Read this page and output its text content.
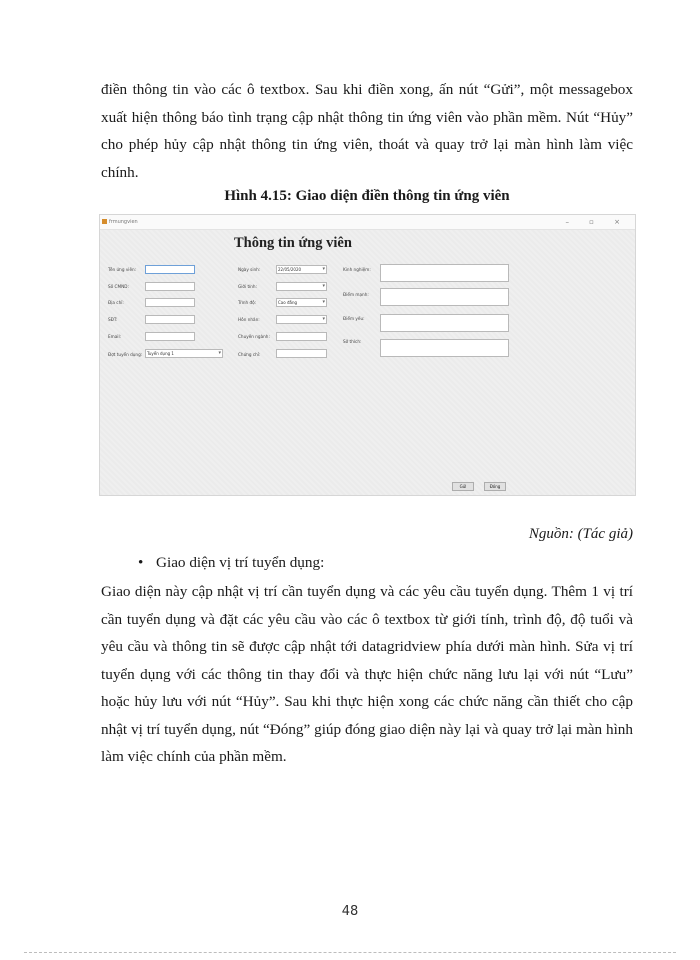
điền thông tin vào các ô textbox. Sau khi điền xong, ấn nút “Gửi”, một messagebox xuất hiện thông báo tình trạng cập nhật thông tin ứng viên vào phần mềm. Nút “Hủy” cho phép hủy cập nhật thông tin ứng viên, thoát và quay trở lại màn hình làm việc chính.

Hình 4.15: Giao diện điền thông tin ứng viên

frmungvien	– ▫ ×
Thông tin ứng viên
Tên ứng viên:
Số CMND:
Địa chỉ:
SĐT:
Email:
Đợt tuyển dụng:	Tuyển dụng 1 ▾
Ngày sinh:	22/05/2020 ▾
Giới tính:
▾
Trình độ:	Cao đẳng ▾
Hôn nhân:
▾
Chuyên ngành:
Chứng chỉ:
Kinh nghiệm:
Điểm mạnh:
Điểm yếu:
Sở thích:
Gửi	Đóng

Nguồn: (Tác giả)

• Giao diện vị trí tuyển dụng:

Giao diện này cập nhật vị trí cần tuyển dụng và các yêu cầu tuyển dụng. Thêm 1 vị trí cần tuyển dụng và đặt các yêu cầu vào các ô textbox từ giới tính, trình độ, độ tuổi và yêu cầu và thông tin sẽ được cập nhật tới datagridview phía dưới màn hình. Sửa vị trí tuyển dụng với các thông tin thay đổi và thực hiện chức năng lưu lại với nút “Lưu” hoặc hủy lưu với nút “Hủy”. Sau khi thực hiện xong các chức năng cần thiết cho cập nhật vị trí tuyển dụng, nút “Đóng” giúp đóng giao diện này lại và quay trở lại màn hình làm việc chính của phần mềm.

48
